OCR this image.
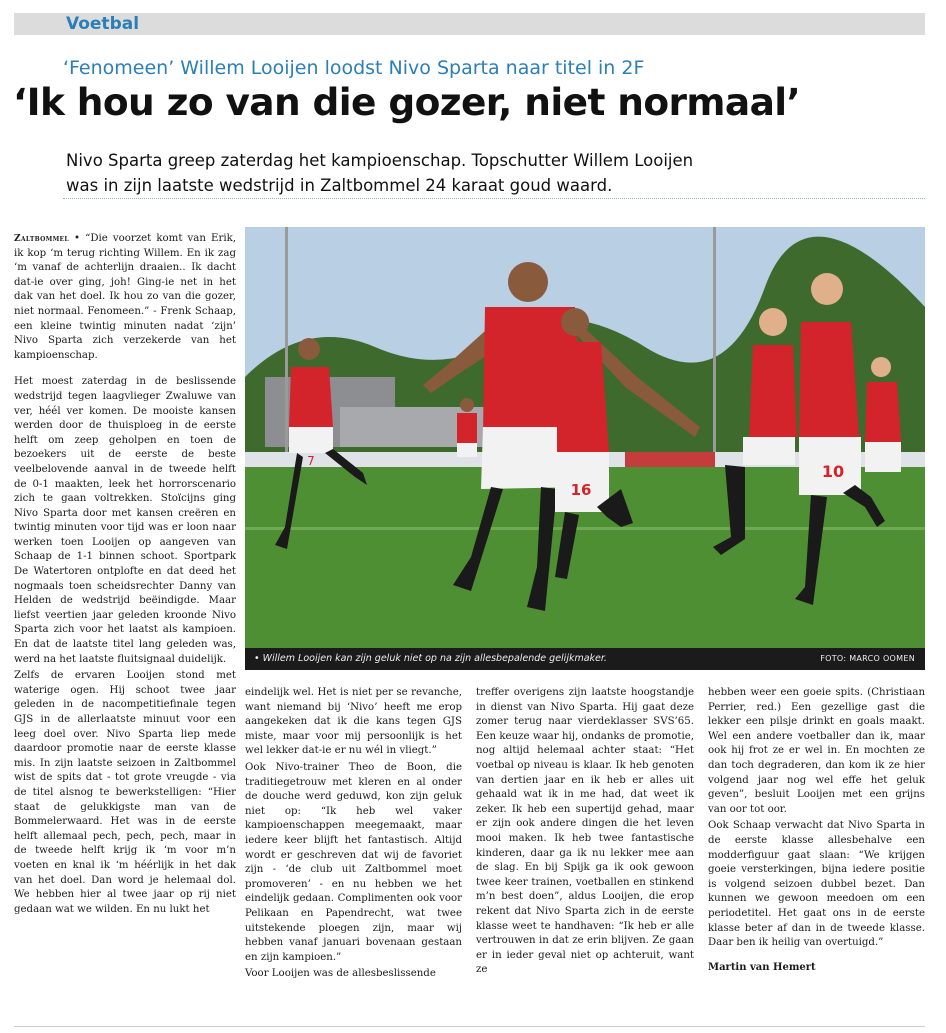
Voetbal
‘Fenomeen’ Willem Looijen loodst Nivo Sparta naar titel in 2F
‘Ik hou zo van die gozer, niet normaal’
Nivo Sparta greep zaterdag het kampioenschap. Topschutter Willem Looijen was in zijn laatste wedstrijd in Zaltbommel 24 karaat goud waard.
7
16
10
• Willem Looijen kan zijn geluk niet op na zijn allesbepalende gelijkmaker.	FOTO: MARCO OOMEN

Zaltbommel • “Die voorzet komt van Erik, ik kop ‘m terug richting Willem. En ik zag ‘m vanaf de achterlijn draaien.. Ik dacht dat-ie over ging, joh! Ging-ie net in het dak van het doel. Ik hou zo van die gozer, niet normaal. Fenomeen.” - Frenk Schaap, een kleine twintig minuten nadat ‘zijn’ Nivo Sparta zich verzekerde van het kampioenschap.

Het moest zaterdag in de beslissende wedstrijd tegen laagvlieger Zwaluwe van ver, héél ver komen. De mooiste kansen werden door de thuisploeg in de eerste helft om zeep geholpen en toen de bezoekers uit de eerste de beste veelbelovende aanval in de tweede helft de 0-1 maakten, leek het horrorscenario zich te gaan voltrekken. Stoïcijns ging Nivo Sparta door met kansen creëren en twintig minuten voor tijd was er loon naar werken toen Looijen op aangeven van Schaap de 1-1 binnen schoot. Sportpark De Watertoren ontplofte en dat deed het nogmaals toen scheidsrechter Danny van Helden de wedstrijd beëindigde. Maar liefst veertien jaar geleden kroonde Nivo Sparta zich voor het laatst als kampioen. En dat de laatste titel lang geleden was, werd na het laatste fluitsignaal duidelijk.

Zelfs de ervaren Looijen stond met waterige ogen. Hij schoot twee jaar geleden in de nacompetitiefinale tegen GJS in de allerlaatste minuut voor een leeg doel over. Nivo Sparta liep mede daardoor promotie naar de eerste klasse mis. In zijn laatste seizoen in Zaltbommel wist de spits dat - tot grote vreugde - via de titel alsnog te bewerkstelligen: “Hier staat de gelukkigste man van de Bommelerwaard. Het was in de eerste helft allemaal pech, pech, pech, maar in de tweede helft krijg ik ‘m voor m’n voeten en knal ik ‘m héérlijk in het dak van het doel. Dan word je helemaal dol. We hebben hier al twee jaar op rij niet gedaan wat we wilden. En nu lukt het

eindelijk wel. Het is niet per se revanche, want niemand bij ‘Nivo’ heeft me erop aangekeken dat ik die kans tegen GJS miste, maar voor mij persoonlijk is het wel lekker dat-ie er nu wél in vliegt.”

Ook Nivo-trainer Theo de Boon, die traditiegetrouw met kleren en al onder de douche werd geduwd, kon zijn geluk niet op: “Ik heb wel vaker kampioenschappen meegemaakt, maar iedere keer blijft het fantastisch. Altijd wordt er geschreven dat wij de favoriet zijn - ‘de club uit Zaltbommel moet promoveren’ - en nu hebben we het eindelijk gedaan. Complimenten ook voor Pelikaan en Papendrecht, wat twee uitstekende ploegen zijn, maar wij hebben vanaf januari bovenaan gestaan en zijn kampioen.”

Voor Looijen was de allesbeslissende

treffer overigens zijn laatste hoogstandje in dienst van Nivo Sparta. Hij gaat deze zomer terug naar vierdeklasser SVS’65. Een keuze waar hij, ondanks de promotie, nog altijd helemaal achter staat: “Het voetbal op niveau is klaar. Ik heb genoten van dertien jaar en ik heb er alles uit gehaald wat ik in me had, dat weet ik zeker. Ik heb een supertijd gehad, maar er zijn ook andere dingen die het leven mooi maken. Ik heb twee fantastische kinderen, daar ga ik nu lekker mee aan de slag. En bij Spijk ga ik ook gewoon twee keer trainen, voetballen en stinkend m’n best doen”, aldus Looijen, die erop rekent dat Nivo Sparta zich in de eerste klasse weet te handhaven: “Ik heb er alle vertrouwen in dat ze erin blijven. Ze gaan er in ieder geval niet op achteruit, want ze

hebben weer een goeie spits. (Christiaan Perrier, red.) Een gezellige gast die lekker een pilsje drinkt en goals maakt. Wel een andere voetballer dan ik, maar ook hij frot ze er wel in. En mochten ze dan toch degraderen, dan kom ik ze hier volgend jaar nog wel effe het geluk geven”, besluit Looijen met een grijns van oor tot oor.

Ook Schaap verwacht dat Nivo Sparta in de eerste klasse allesbehalve een modderfiguur gaat slaan: “We krijgen goeie versterkingen, bijna iedere positie is volgend seizoen dubbel bezet. Dan kunnen we gewoon meedoen om een periodetitel. Het gaat ons in de eerste klasse beter af dan in de tweede klasse. Daar ben ik heilig van overtuigd.”

Martin van Hemert
